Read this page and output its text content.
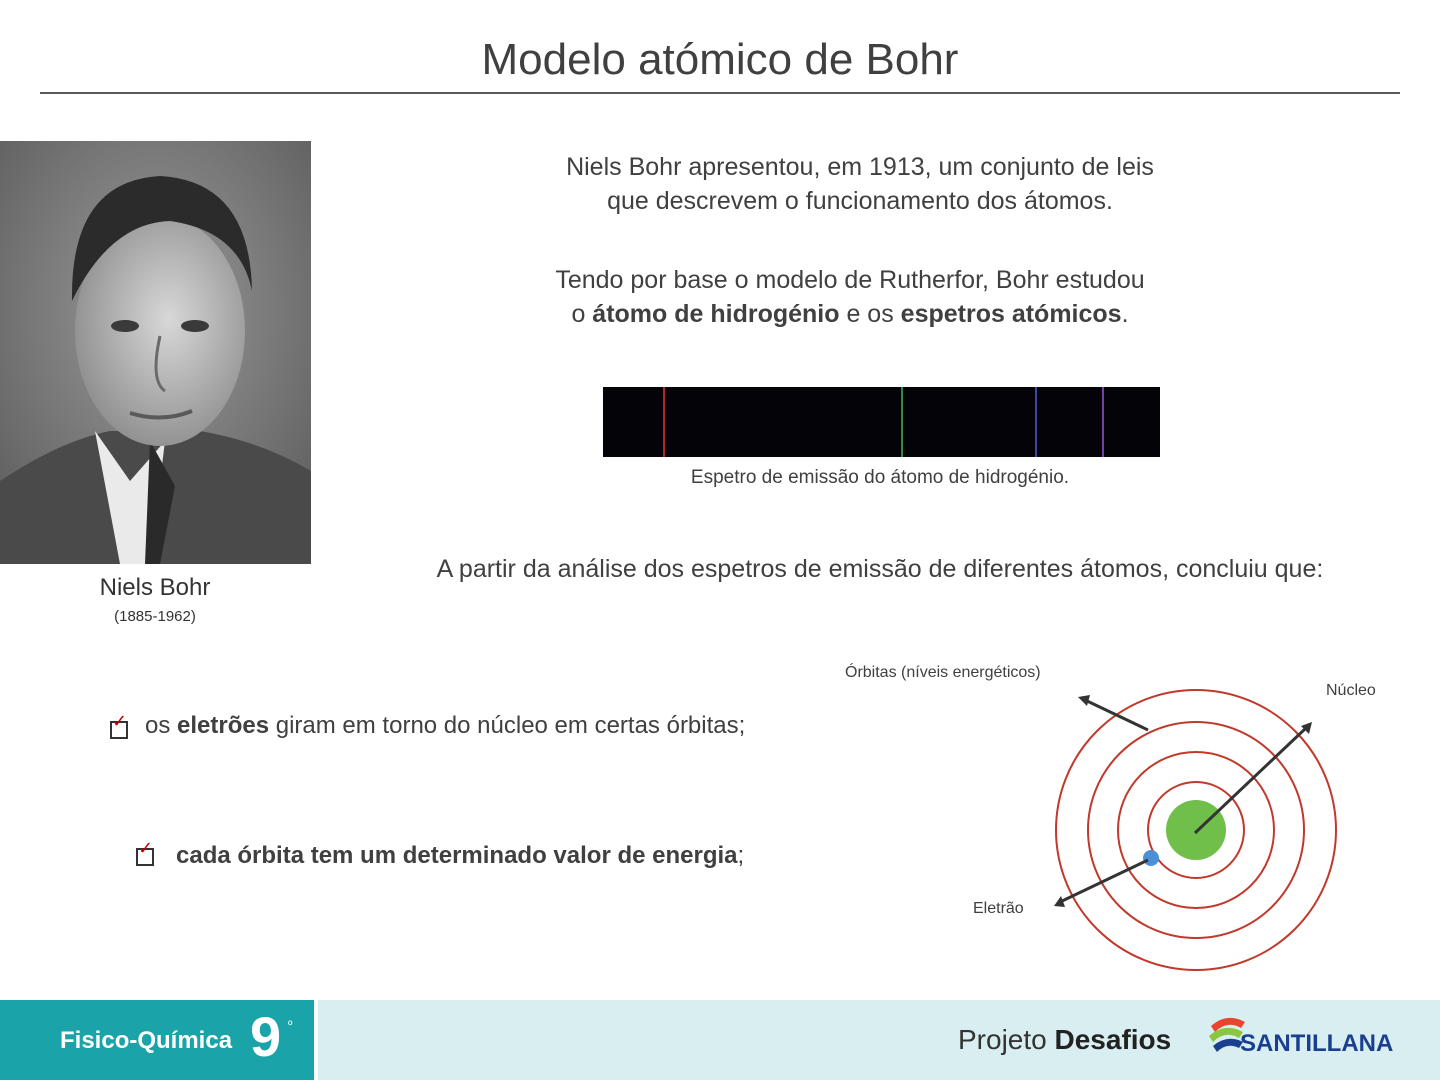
Modelo atómico de Bohr
Niels Bohr
(1885-1962)
Niels Bohr apresentou, em 1913, um conjunto de leis
que descrevem o funcionamento dos átomos.
Tendo por base o modelo de Rutherfor, Bohr estudou
o átomo de hidrogénio e os espetros atómicos.
Espetro de emissão do átomo de hidrogénio.
A partir da análise dos espetros de emissão de diferentes átomos, concluiu que:
✓ os eletrões giram em torno do núcleo em certas órbitas;
✓ cada órbita tem um determinado valor de energia;
Órbitas (níveis energéticos)
Núcleo
Eletrão
Fisico-Química 9 º	Projeto Desafios	SANTILLANA
